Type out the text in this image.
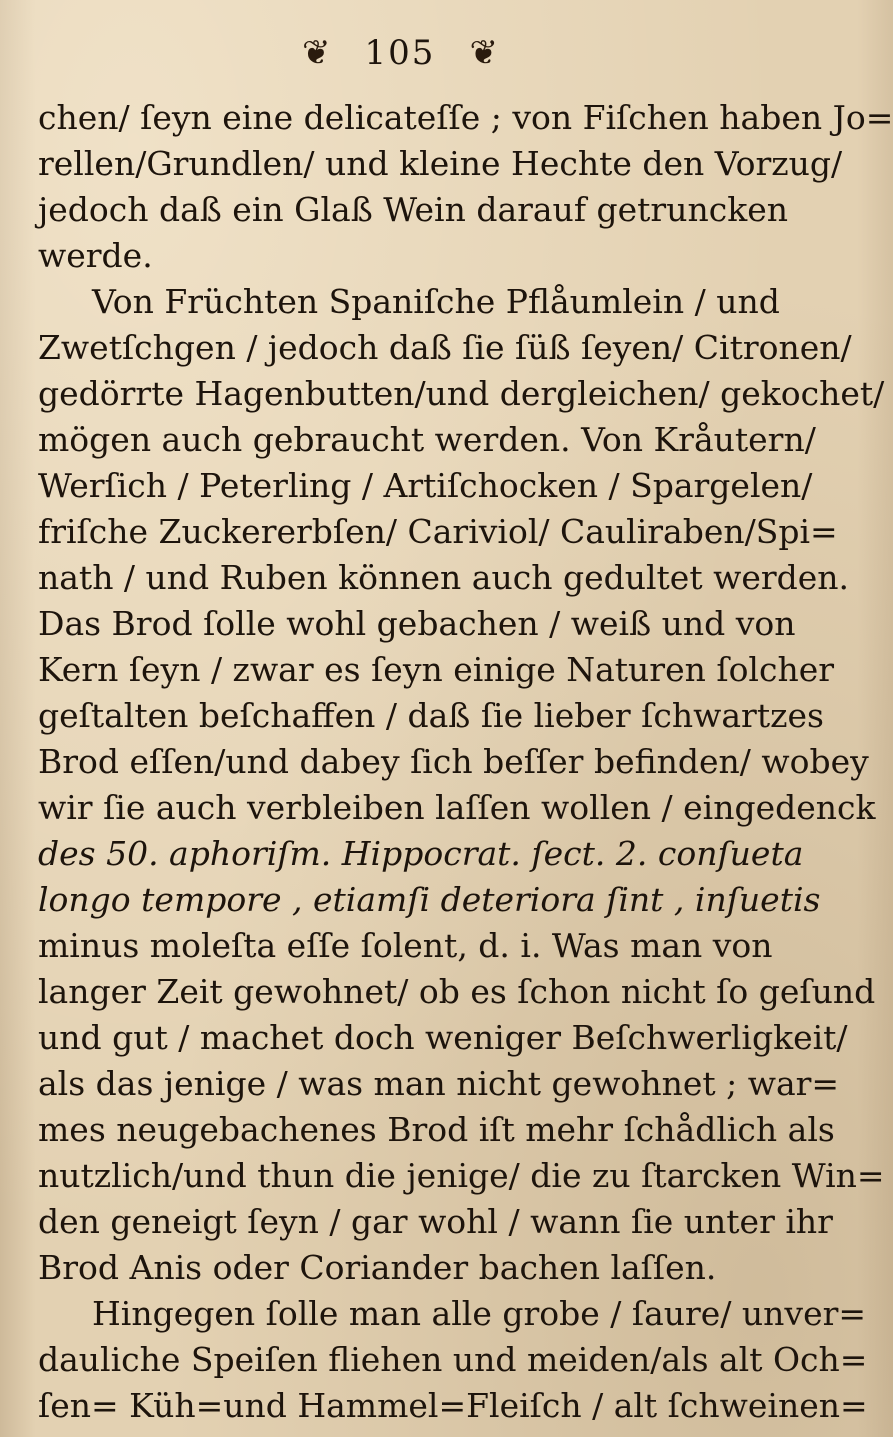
❦ 105 ❦
chen/ ſeyn eine delicateſſe ; von Fiſchen haben Jo=
rellen/Grundlen/ und kleine Hechte den Vorzug/
jedoch daß ein Glaß Wein darauf getruncken
werde.
Von Früchten Spaniſche Pflåumlein / und
Zwetſchgen / jedoch daß ſie ſüß ſeyen/ Citronen/
gedörrte Hagenbutten/und dergleichen/ gekochet/
mögen auch gebraucht werden. Von Kråutern/
Werſich / Peterling / Artiſchocken / Spargelen/
friſche Zuckererbſen/ Cariviol/ Cauliraben/Spi=
nath / und Ruben können auch gedultet werden.
Das Brod ſolle wohl gebachen / weiß und von
Kern ſeyn / zwar es ſeyn einige Naturen ſolcher
geſtalten beſchaffen / daß ſie lieber ſchwartzes
Brod eſſen/und dabey ſich beſſer befinden/ wobey
wir ſie auch verbleiben laſſen wollen / eingedenck
des 50. aphoriſm. Hippocrat. ſect. 2. conſueta
longo tempore , etiamſi deteriora ſint , inſuetis
minus moleſta eſſe ſolent, d. i. Was man von
langer Zeit gewohnet/ ob es ſchon nicht ſo geſund
und gut / machet doch weniger Beſchwerligkeit/
als das jenige / was man nicht gewohnet ; war=
mes neugebachenes Brod iſt mehr ſchådlich als
nutzlich/und thun die jenige/ die zu ſtarcken Win=
den geneigt ſeyn / gar wohl / wann ſie unter ihr
Brod Anis oder Coriander bachen laſſen.
Hingegen ſolle man alle grobe / ſaure/ unver=
dauliche Speiſen fliehen und meiden/als alt Och=
ſen= Küh=und Hammel=Fleiſch / alt ſchweinen=
